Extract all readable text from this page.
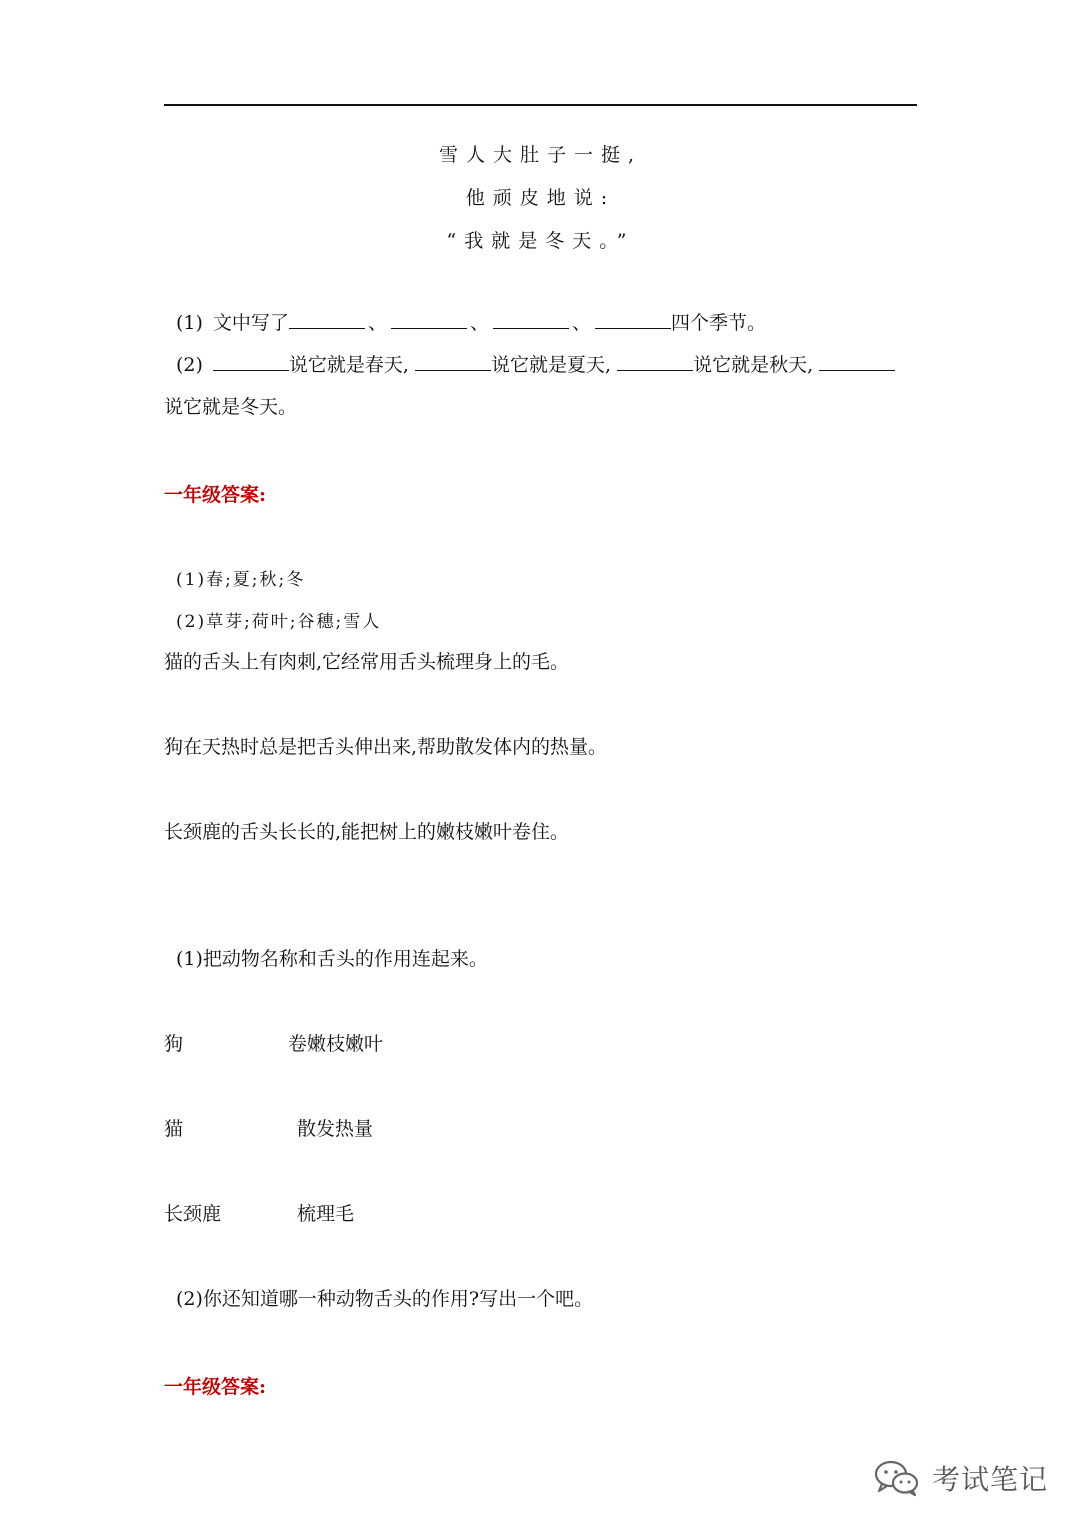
雪人大肚子一挺,
他顽皮地说:
“我就是冬天。”
(1) 文中写了	、	、	、	四个季节。
(2)	说它就是春天,	说它就是夏天,	说它就是秋天,
说它就是冬天。
一年级答案:
(1)春;夏;秋;冬
(2)草芽;荷叶;谷穗;雪人
猫的舌头上有肉刺,它经常用舌头梳理身上的毛。
狗在天热时总是把舌头伸出来,帮助散发体内的热量。
长颈鹿的舌头长长的,能把树上的嫩枝嫩叶卷住。
(1)把动物名称和舌头的作用连起来。
狗	卷嫩枝嫩叶
猫	散发热量
长颈鹿	梳理毛
(2)你还知道哪一种动物舌头的作用?写出一个吧。
一年级答案:
考试笔记
